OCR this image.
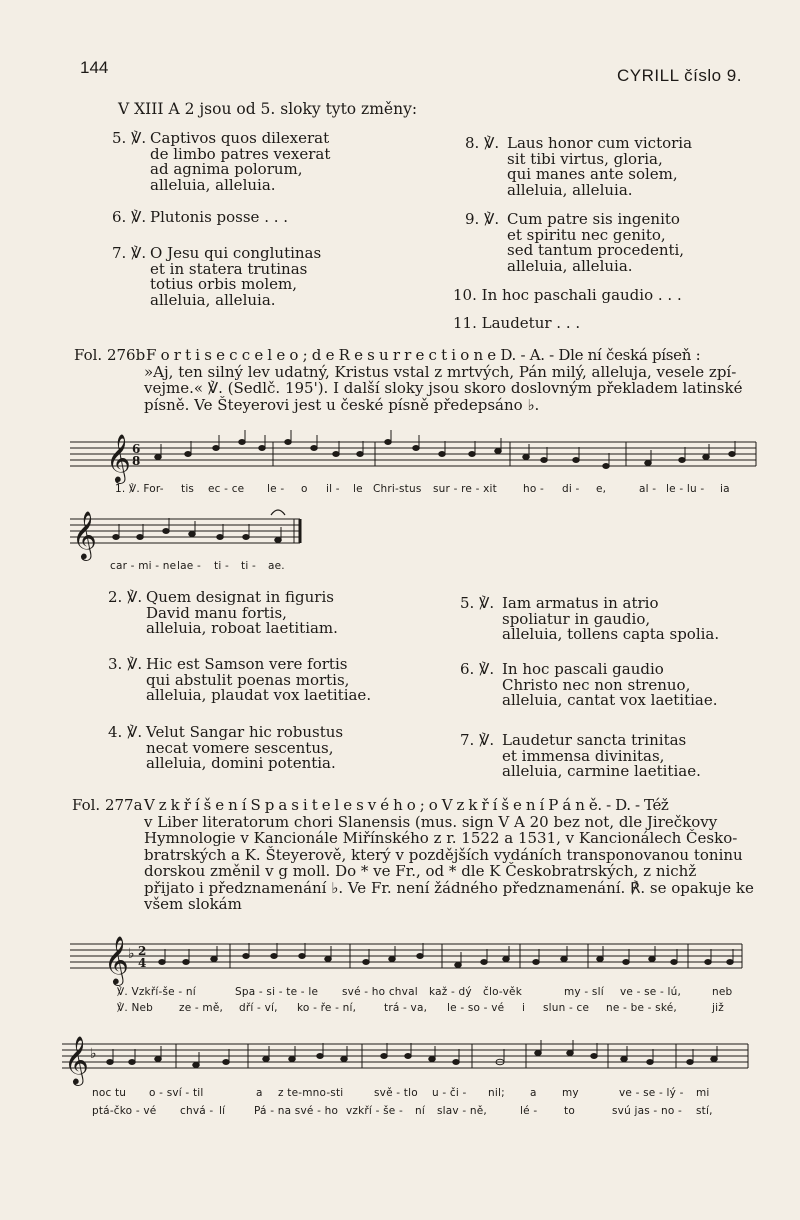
144	CYRILL číslo 9.
V XIII A 2 jsou od 5. sloky tyto změny:
5. ℣. Captivos quos dilexerat
de limbo patres vexerat
ad agnima polorum,
alleluia, alleluia.
6. ℣. Plutonis posse . . .
7. ℣. O Jesu qui conglutinas
et in statera trutinas
totius orbis molem,
alleluia, alleluia.
8. ℣. Laus honor cum victoria
sit tibi virtus, gloria,
qui manes ante solem,
alleluia, alleluia.
9. ℣. Cum patre sis ingenito
et spiritu nec genito,
sed tantum procedenti,
alleluia, alleluia.
10. In hoc paschali gaudio . . .
11. Laudetur . . .
Fol. 276b F o r t i s e c c e l e o ; d e R e s u r r e c t i o n e D. - A. - Dle ní česká píseň :

»Aj, ten silný lev udatný, Kristus vstal z mrtvých, Pán milý, alleluja, vesele zpí-

vejme.« ℣. (Sedlč. 195'). I další sloky jsou skoro doslovným překladem latinské

písně. Ve Šteyerovi jest u české písně předepsáno ♭.

𝄞 6
8
1. ℣. For- tis ec - ce le - o il - le Chri-stus sur - re - xit ho - di - e,	al - le - lu - ia
𝄞
car - mi - ne lae - ti - ti - ae.
2. ℣. Quem designat in figuris
David manu fortis,
alleluia, roboat laetitiam.
3. ℣. Hic est Samson vere fortis
qui abstulit poenas mortis,
alleluia, plaudat vox laetitiae.
4. ℣. Velut Sangar hic robustus
necat vomere sescentus,
alleluia, domini potentia.
5. ℣. Iam armatus in atrio
spoliatur in gaudio,
alleluia, tollens capta spolia.
6. ℣. In hoc pascali gaudio
Christo nec non strenuo,
alleluia, cantat vox laetitiae.
7. ℣. Laudetur sancta trinitas
et immensa divinitas,
alleluia, carmine laetitiae.
Fol. 277a V z k ř í š e n í S p a s i t e l e s v é h o ; o V z k ř í š e n í P á n ě. - D. - Též

v Liber literatorum chori Slanensis (mus. sign V A 20 bez not, dle Jirečkovy

Hymnologie v Kancionále Miřínského z r. 1522 a 1531, v Kancionálech Česko-

bratrských a K. Šteyerově, který v pozdějších vydáních transponovanou toninu

dorskou změnil v g moll. Do * ve Fr., od * dle K Českobratrských, z nichž

přijato i předznamenání ♭. Ve Fr. není žádného předznamenání. ℟. se opakuje ke

všem slokám

𝄞 ♭ 2
4
℣. Vzkří-še - ní	Spa - si - te - le své - ho chval kaž - dý člo-věk	my - slí ve - se - lú,	neb
℣. Neb ze - mě, dří - ví, ko - ře - ní,	trá - va, le - so - vé i slun - ce ne - be - ské,	již
𝄞 ♭
noc tu o - sví - til	a z te-mno-sti	svě - tlo u - či - nil; a my	ve - se - lý - mi
ptá-čko - vé chvá - lí	Pá - na své - ho vzkří - še - ní slav - ně,	lé -	to	svú jas - no - stí,
